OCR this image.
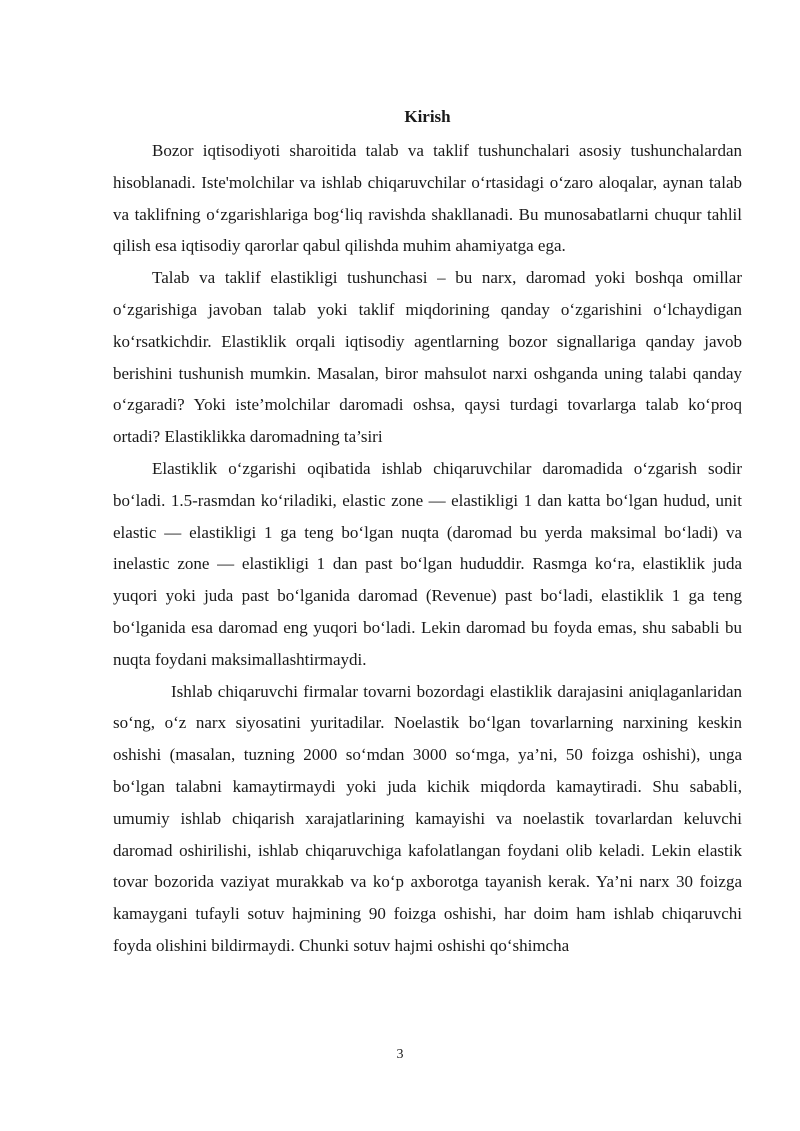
Kirish

Bozor iqtisodiyoti sharoitida talab va taklif tushunchalari asosiy tushunchalardan hisoblanadi. Iste'molchilar va ishlab chiqaruvchilar o‘rtasidagi o‘zaro aloqalar, aynan talab va taklifning o‘zgarishlariga bog‘liq ravishda shakllanadi. Bu munosabatlarni chuqur tahlil qilish esa iqtisodiy qarorlar qabul qilishda muhim ahamiyatga ega.

Talab va taklif elastikligi tushunchasi – bu narx, daromad yoki boshqa omillar o‘zgarishiga javoban talab yoki taklif miqdorining qanday o‘zgarishini o‘lchaydigan ko‘rsatkichdir. Elastiklik orqali iqtisodiy agentlarning bozor signallariga qanday javob berishini tushunish mumkin. Masalan, biror mahsulot narxi oshganda uning talabi qanday o‘zgaradi? Yoki iste’molchilar daromadi oshsa, qaysi turdagi tovarlarga talab ko‘proq ortadi? Elastiklikka daromadning ta’siri

Elastiklik o‘zgarishi oqibatida ishlab chiqaruvchilar daromadida o‘zgarish sodir bo‘ladi. 1.5-rasmdan ko‘riladiki, elastic zone — elastikligi 1 dan katta bo‘lgan hudud, unit elastic — elastikligi 1 ga teng bo‘lgan nuqta (daromad bu yerda maksimal bo‘ladi) va inelastic zone — elastikligi 1 dan past bo‘lgan hududdir. Rasmga ko‘ra, elastiklik juda yuqori yoki juda past bo‘lganida daromad (Revenue) past bo‘ladi, elastiklik 1 ga teng bo‘lganida esa daromad eng yuqori bo‘ladi. Lekin daromad bu foyda emas, shu sababli bu nuqta foydani maksimallashtirmaydi.

Ishlab chiqaruvchi firmalar tovarni bozordagi elastiklik darajasini aniqlaganlaridan so‘ng, o‘z narx siyosatini yuritadilar. Noelastik bo‘lgan tovarlarning narxining keskin oshishi (masalan, tuzning 2000 so‘mdan 3000 so‘mga, ya’ni, 50 foizga oshishi), unga bo‘lgan talabni kamaytirmaydi yoki juda kichik miqdorda kamaytiradi. Shu sababli, umumiy ishlab chiqarish xarajatlarining kamayishi va noelastik tovarlardan keluvchi daromad oshirilishi, ishlab chiqaruvchiga kafolatlangan foydani olib keladi. Lekin elastik tovar bozorida vaziyat murakkab va ko‘p axborotga tayanish kerak. Ya’ni narx 30 foizga kamaygani tufayli sotuv hajmining 90 foizga oshishi, har doim ham ishlab chiqaruvchi foyda olishini bildirmaydi. Chunki sotuv hajmi oshishi qo‘shimcha

3
